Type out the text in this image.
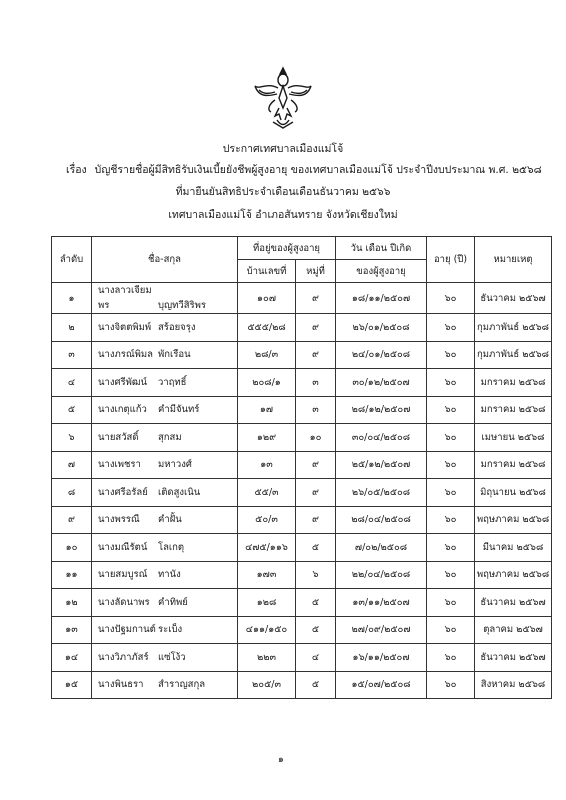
ประกาศเทศบาลเมืองแม่โจ้
เรื่อง บัญชีรายชื่อผู้มีสิทธิรับเงินเบี้ยยังชีพผู้สูงอายุ ของเทศบาลเมืองแม่โจ้ ประจำปีงบประมาณ พ.ศ. ๒๕๖๘
ที่มายืนยันสิทธิประจำเดือนเดือนธันวาคม ๒๕๖๖
เทศบาลเมืองแม่โจ้ อำเภอสันทราย จังหวัดเชียงใหม่
ลำดับ	ชื่อ-สกุล	ที่อยู่ของผู้สูงอายุ		วัน เดือน ปีเกิด	อายุ (ปี)	หมายเหตุ
		บ้านเลขที่	หมู่ที่	ของผู้สูงอายุ		
๑	นางลาวเจียมพร บุญทวีสิริพร	๑๐๗	๙	๑๘/๑๑/๒๕๐๗	๖๐	ธันวาคม ๒๕๖๗
๒	นางจิตตพิมพ์ สร้อยจรุง	๕๕๕/๒๘	๙	๒๖/๐๑/๒๕๐๘	๖๐	กุมภาพันธ์ ๒๕๖๘
๓	นางภรณ์พิมล พักเรือน	๒๘/๓	๙	๒๔/๐๑/๒๕๐๘	๖๐	กุมภาพันธ์ ๒๕๖๘
๔	นางศรีพัฒน์ วาฤทธิ์	๒๐๘/๑	๓	๓๐/๑๒/๒๕๐๗	๖๐	มกราคม ๒๕๖๘
๕	นางเกตุแก้ว คำมีจันทร์	๑๗	๓	๒๘/๑๒/๒๕๐๗	๖๐	มกราคม ๒๕๖๘
๖	นายสวัสดิ์ สุกสม	๑๒๙	๑๐	๓๐/๐๔/๒๕๐๘	๖๐	เมษายน ๒๕๖๘
๗	นางเพชรา มหาวงศ์	๑๓	๙	๒๕/๑๒/๒๕๐๗	๖๐	มกราคม ๒๕๖๘
๘	นางศรีอรัลย์ เติดสูงเนิน	๕๕/๓	๙	๒๖/๐๕/๒๕๐๘	๖๐	มิถุนายน ๒๕๖๘
๙	นางพรรณี คำฝั้น	๕๐/๓	๙	๒๘/๐๔/๒๕๐๘	๖๐	พฤษภาคม ๒๕๖๘
๑๐	นางมณีรัตน์ โลเกตุ	๔๗๕/๑๑๖	๕	๗/๐๒/๒๕๐๘	๖๐	มีนาคม ๒๕๖๘
๑๑	นายสมบูรณ์ ทานัง	๑๗๓	๖	๒๒/๐๔/๒๕๐๘	๖๐	พฤษภาคม ๒๕๖๘
๑๒	นางลัดนาพร คำทิพย์	๑๒๘	๕	๑๓/๑๑/๒๕๐๗	๖๐	ธันวาคม ๒๕๖๗
๑๓	นางปัฐมกานต์ ระเบ็ง	๔๑๑/๑๕๐	๕	๒๗/๐๙/๒๕๐๗	๖๐	ตุลาคม ๒๕๖๗
๑๔	นางวิภาภัสร์ แซ่โง้ว	๒๒๓	๔	๑๖/๑๑/๒๕๐๗	๖๐	ธันวาคม ๒๕๖๗
๑๕	นางพินธรา สำราญสกุล	๒๐๕/๓	๕	๑๕/๐๗/๒๕๐๘	๖๐	สิงหาคม ๒๕๖๘
๑
